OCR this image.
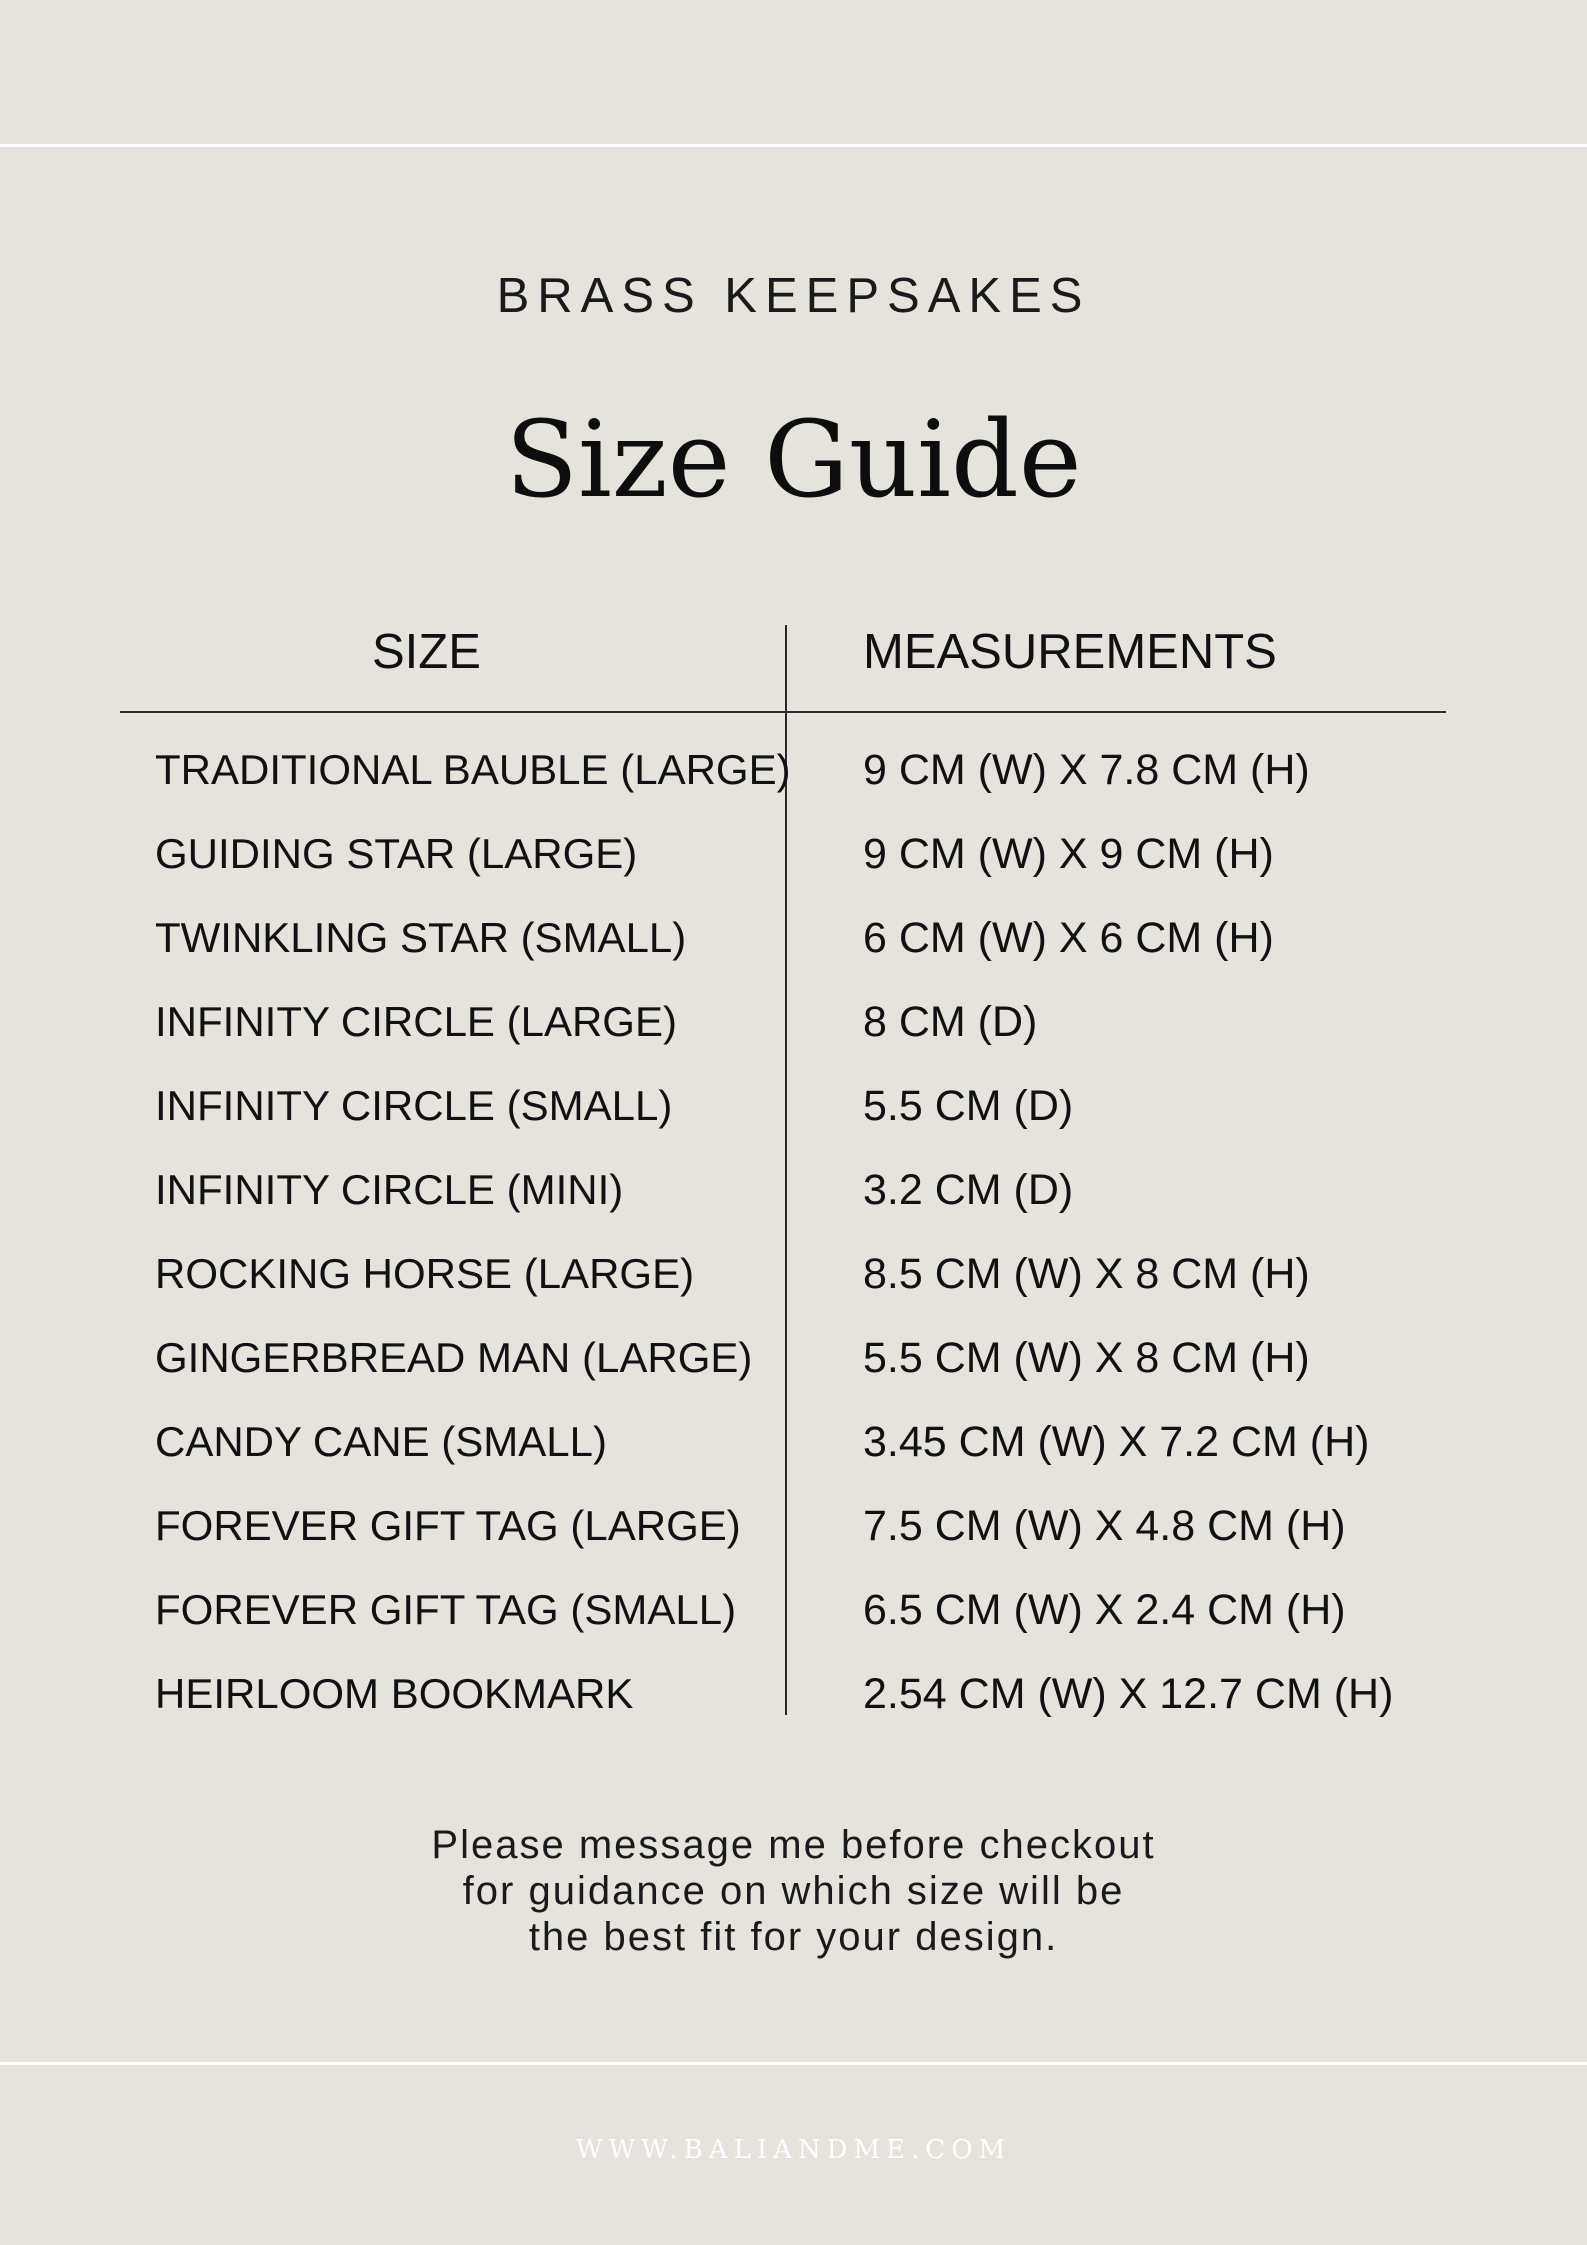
BRASS KEEPSAKES
Size Guide
SIZE	MEASUREMENTS
TRADITIONAL BAUBLE (LARGE) 9 CM (W) X 7.8 CM (H)
GUIDING STAR (LARGE)	9 CM (W) X 9 CM (H)
TWINKLING STAR (SMALL)	6 CM (W) X 6 CM (H)
INFINITY CIRCLE (LARGE)	8 CM (D)
INFINITY CIRCLE (SMALL)	5.5 CM (D)
INFINITY CIRCLE (MINI)	3.2 CM (D)
ROCKING HORSE (LARGE)	8.5 CM (W) X 8 CM (H)
GINGERBREAD MAN (LARGE)	5.5 CM (W) X 8 CM (H)
CANDY CANE (SMALL)	3.45 CM (W) X 7.2 CM (H)
FOREVER GIFT TAG (LARGE)	7.5 CM (W) X 4.8 CM (H)
FOREVER GIFT TAG (SMALL)	6.5 CM (W) X 2.4 CM (H)
HEIRLOOM BOOKMARK	2.54 CM (W) X 12.7 CM (H)
Please message me before checkout
for guidance on which size will be
the best fit for your design.
WWW.BALIANDME.COM
